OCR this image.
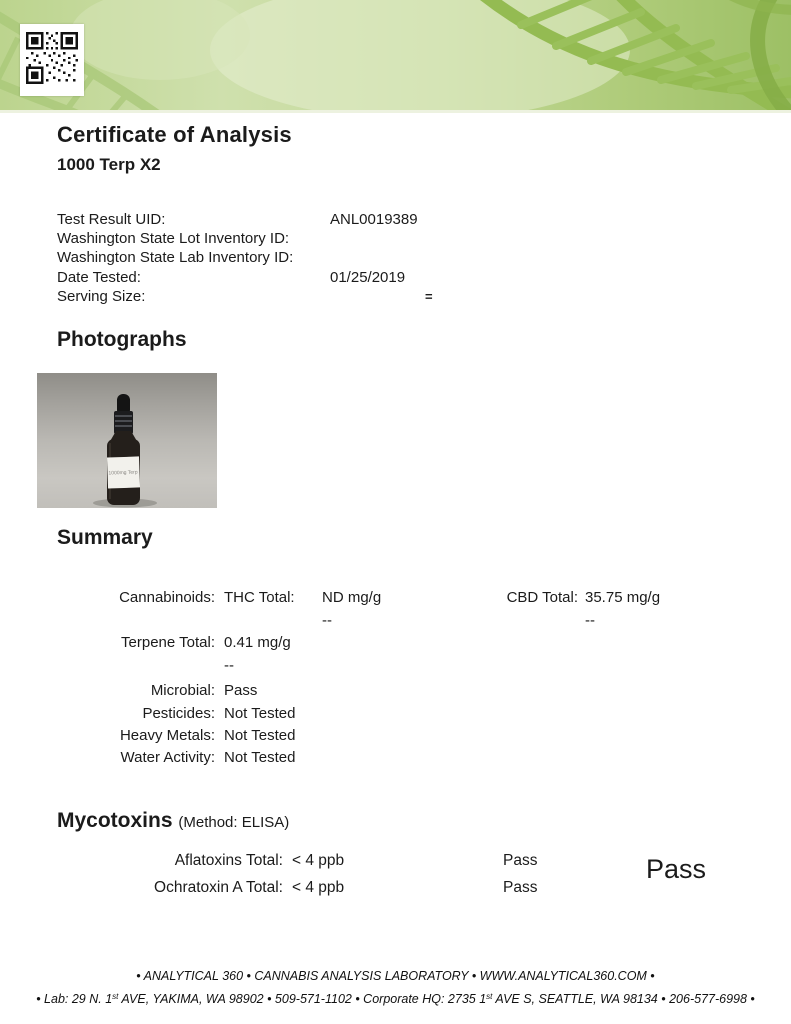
Certificate of Analysis
1000 Terp X2
Test Result UID:	ANL0019389
Washington State Lot Inventory ID:
Washington State Lab Inventory ID:
Date Tested:	01/25/2019
Serving Size:	=
Photographs
1000mg Terp
Summary
Cannabinoids: THC Total: ND mg/g
--
CBD Total: 35.75 mg/g
--
Terpene Total: 0.41 mg/g
--
Microbial: Pass
Pesticides: Not Tested
Heavy Metals: Not Tested
Water Activity: Not Tested
Mycotoxins (Method: ELISA)
Aflatoxins Total: < 4 ppb	Pass
Ochratoxin A Total: < 4 ppb	Pass
Pass
• ANALYTICAL 360 • CANNABIS ANALYSIS LABORATORY • WWW.ANALYTICAL360.COM •
• Lab: 29 N. 1st AVE, YAKIMA, WA 98902 • 509-571-1102 • Corporate HQ: 2735 1st AVE S, SEATTLE, WA 98134 • 206-577-6998 •
